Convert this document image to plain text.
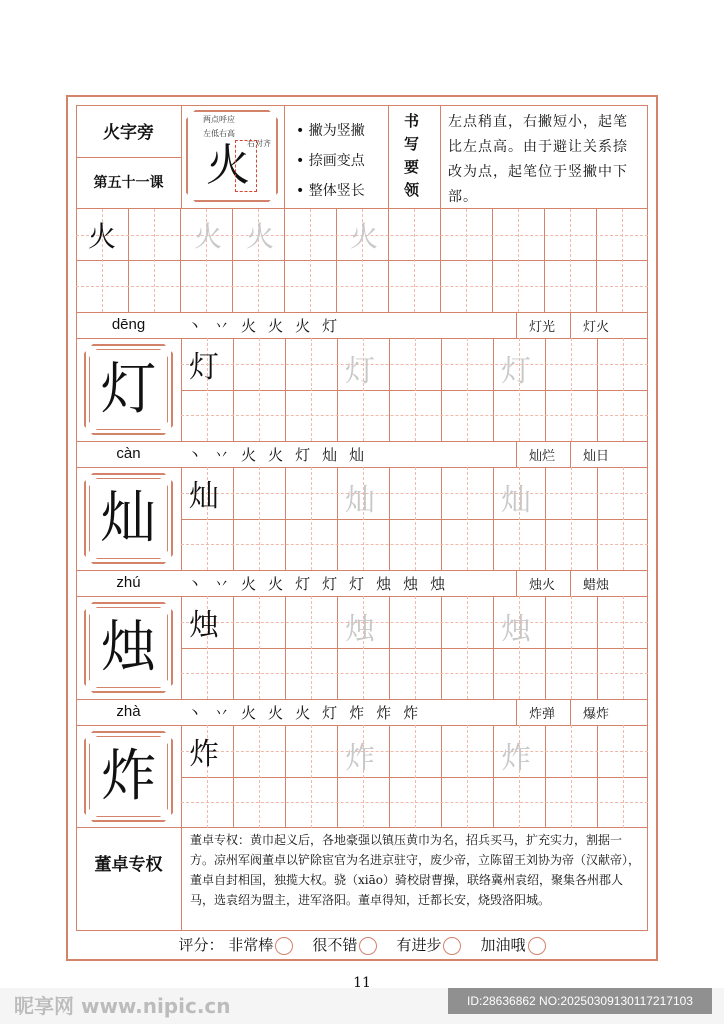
火字旁
第五十一课
两点呼应
左低右高
右对齐
火
• 撇为竖撇
• 捺画变点
• 整体竖长
书写要领
左点稍直，右撇短小，起笔比左点高。由于避让关系捺改为点，起笔位于竖撇中下部。
董卓专权
董卓专权：黄巾起义后，各地豪强以镇压黄巾为名，招兵买马，扩充实力，割据一方。凉州军阀董卓以铲除宦官为名进京驻守，废少帝，立陈留王刘协为帝（汉献帝），董卓自封相国，独揽大权。骁（xiāo）骑校尉曹操，联络冀州袁绍，聚集各州郡人马，选袁绍为盟主，进军洛阳。董卓得知，迁都长安，烧毁洛阳城。
评分： 非常棒	很不错	有进步	加油哦
11
昵享网 www.nipic.cn	ID:28636862 NO:20250309130117217103
火	火 火	火
dēng	丶 丷 火 火 火 灯	灯光	灯火
灯	灯	灯	灯
càn	丶 丷 火 火 灯 灿 灿	灿烂	灿日
灿	灿	灿	灿
zhú	丶 丷 火 火 灯 灯 灯 烛 烛 烛	烛火	蜡烛
烛	烛	烛	烛
zhà	丶 丷 火 火 火 灯 炸 炸 炸	炸弹	爆炸
炸	炸	炸	炸
